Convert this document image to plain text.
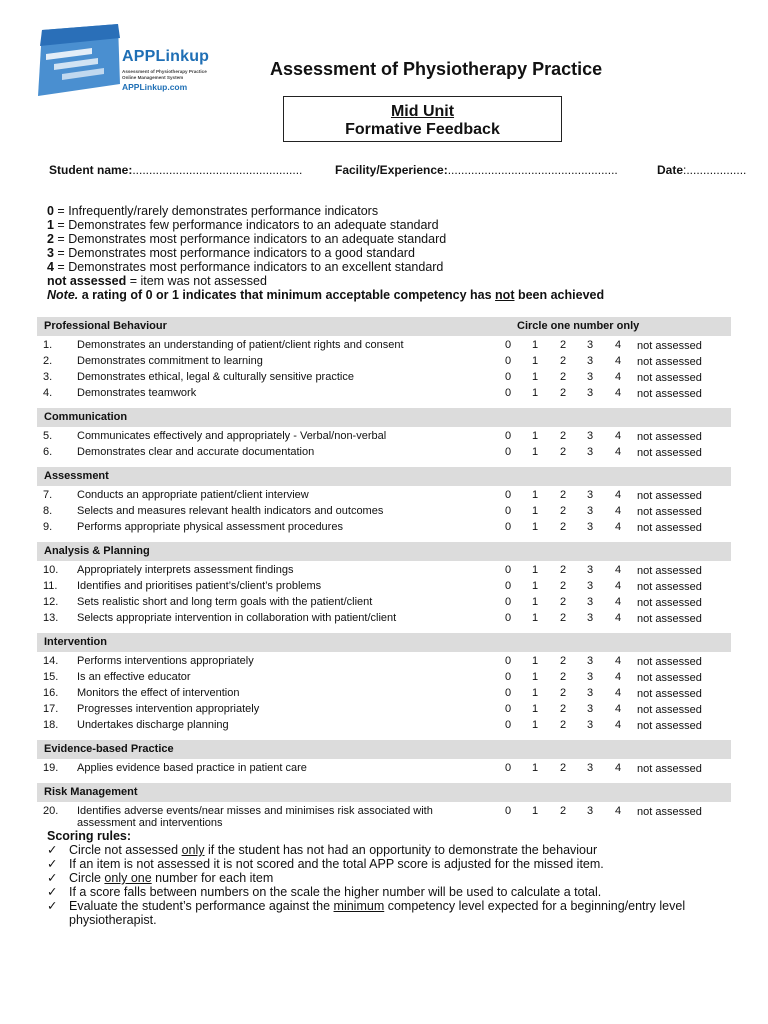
APPLinkup
Assessment of Physiotherapy Practice
Online Management System
APPLinkup.com
Assessment of Physiotherapy Practice
Mid Unit
Formative Feedback
Student name:...................................................	Facility/Experience:...................................................	Date:..................
0 = Infrequently/rarely demonstrates performance indicators
1 = Demonstrates few performance indicators to an adequate standard
2 = Demonstrates most performance indicators to an adequate standard
3 = Demonstrates most performance indicators to a good standard
4 = Demonstrates most performance indicators to an excellent standard
not assessed = item was not assessed
Note. a rating of 0 or 1 indicates that minimum acceptable competency has not been achieved
Professional Behaviour	Circle one number only
1. Demonstrates an understanding of patient/client rights and consent	0 1 2 3 4 not assessed
2. Demonstrates commitment to learning	0 1 2 3 4 not assessed
3. Demonstrates ethical, legal & culturally sensitive practice	0 1 2 3 4 not assessed
4. Demonstrates teamwork	0 1 2 3 4 not assessed
Communication
5. Communicates effectively and appropriately - Verbal/non-verbal	0 1 2 3 4 not assessed
6. Demonstrates clear and accurate documentation	0 1 2 3 4 not assessed
Assessment
7. Conducts an appropriate patient/client interview	0 1 2 3 4 not assessed
8. Selects and measures relevant health indicators and outcomes	0 1 2 3 4 not assessed
9. Performs appropriate physical assessment procedures	0 1 2 3 4 not assessed
Analysis & Planning
10. Appropriately interprets assessment findings	0 1 2 3 4 not assessed
11. Identifies and prioritises patient’s/client’s problems	0 1 2 3 4 not assessed
12. Sets realistic short and long term goals with the patient/client	0 1 2 3 4 not assessed
13. Selects appropriate intervention in collaboration with patient/client	0 1 2 3 4 not assessed
Intervention
14. Performs interventions appropriately	0 1 2 3 4 not assessed
15. Is an effective educator	0 1 2 3 4 not assessed
16. Monitors the effect of intervention	0 1 2 3 4 not assessed
17. Progresses intervention appropriately	0 1 2 3 4 not assessed
18. Undertakes discharge planning	0 1 2 3 4 not assessed
Evidence-based Practice
19. Applies evidence based practice in patient care	0 1 2 3 4 not assessed
Risk Management
20. Identifies adverse events/near misses and minimises risk associated with assessment and interventions
0 1 2 3 4 not assessed
Scoring rules:
✓ Circle not assessed only if the student has not had an opportunity to demonstrate the behaviour
✓ If an item is not assessed it is not scored and the total APP score is adjusted for the missed item.
✓ Circle only one number for each item
✓ If a score falls between numbers on the scale the higher number will be used to calculate a total.
✓ Evaluate the student’s performance against the minimum competency level expected for a beginning/entry level physiotherapist.
